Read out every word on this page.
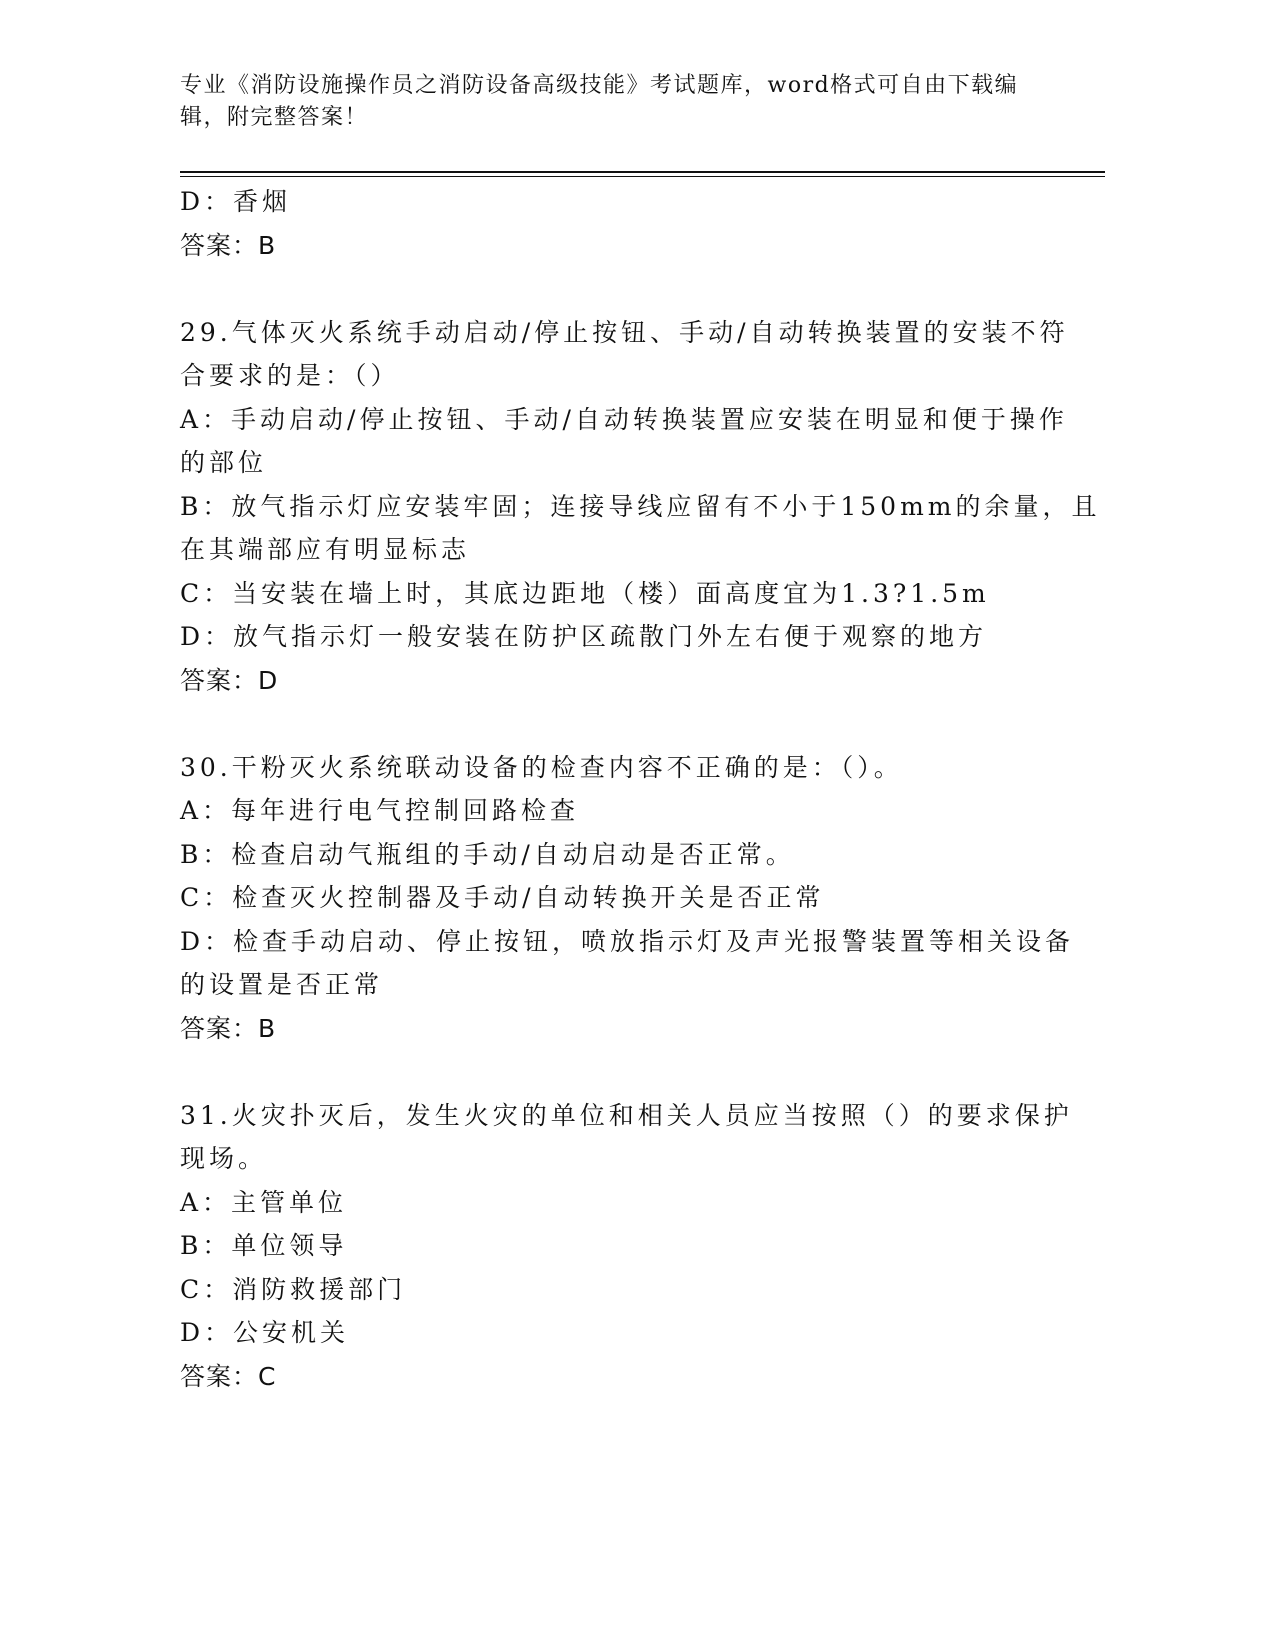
专业《消防设施操作员之消防设备高级技能》考试题库，word格式可自由下载编
辑，附完整答案！
D：香烟
答案：B
29.气体灭火系统手动启动/停止按钮、手动/自动转换装置的安装不符
合要求的是：（）
A：手动启动/停止按钮、手动/自动转换装置应安装在明显和便于操作
的部位
B：放气指示灯应安装牢固；连接导线应留有不小于150mm的余量，且
在其端部应有明显标志
C：当安装在墙上时，其底边距地（楼）面高度宜为1.3?1.5m
D：放气指示灯一般安装在防护区疏散门外左右便于观察的地方
答案：D
30.干粉灭火系统联动设备的检查内容不正确的是：（）。
A：每年进行电气控制回路检查
B：检查启动气瓶组的手动/自动启动是否正常。
C：检查灭火控制器及手动/自动转换开关是否正常
D：检查手动启动、停止按钮，喷放指示灯及声光报警装置等相关设备
的设置是否正常
答案：B
31.火灾扑灭后，发生火灾的单位和相关人员应当按照（）的要求保护
现场。
A：主管单位
B：单位领导
C：消防救援部门
D：公安机关
答案：C
